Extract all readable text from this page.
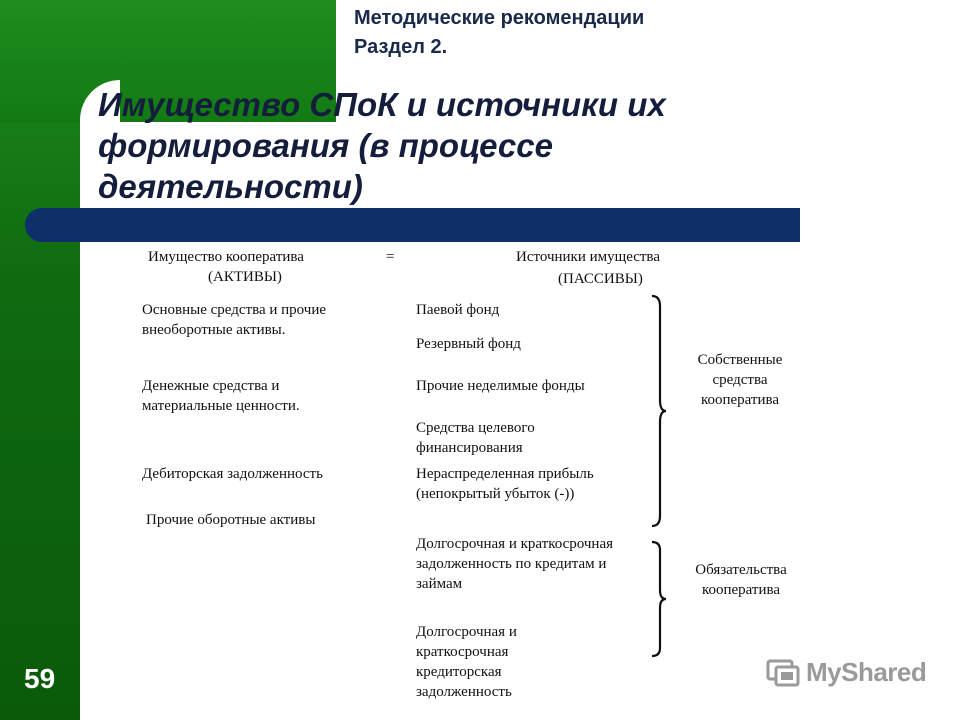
Методические рекомендации
Раздел 2.
Имущество СПоК и источники их формирования (в процессе деятельности)
59
Имущество кооператива
(АКТИВЫ)
=	Источники имущества
(ПАССИВЫ)
Основные средства и прочие внеоборотные активы.
Денежные средства и материальные ценности.
Дебиторская задолженность
Прочие оборотные активы
Паевой фонд
Резервный фонд
Прочие неделимые фонды
Средства целевого финансирования
Нераспределенная прибыль (непокрытый убыток (-))
Долгосрочная и краткосрочная задолженность по кредитам и займам
Долгосрочная и краткосрочная кредиторская задолженность
Собственные средства кооператива
Обязательства кооператива
MyShared
